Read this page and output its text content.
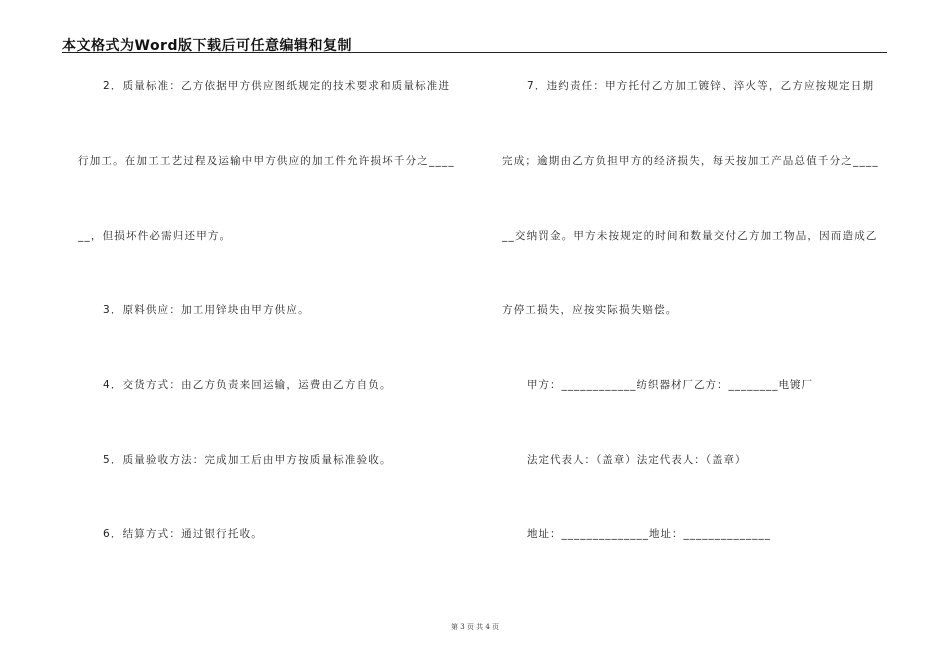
本文格式为Word版下载后可任意编辑和复制
2．质量标准：乙方依据甲方供应图纸规定的技术要求和质量标准进
行加工。在加工工艺过程及运输中甲方供应的加工件允许损坏千分之____
__，但损坏件必需归还甲方。
3．原料供应：加工用锌块由甲方供应。
4．交货方式：由乙方负责来回运输，运费由乙方自负。
5．质量验收方法：完成加工后由甲方按质量标准验收。
6．结算方式：通过银行托收。
7．违约责任：甲方托付乙方加工镀锌、淬火等，乙方应按规定日期
完成；逾期由乙方负担甲方的经济损失，每天按加工产品总值千分之____
__交纳罚金。甲方未按规定的时间和数量交付乙方加工物品，因而造成乙
方停工损失，应按实际损失赔偿。
甲方：____________纺织器材厂乙方：________电镀厂
法定代表人：（盖章）法定代表人：（盖章）
地址：______________地址：______________
第 3 页 共 4 页
